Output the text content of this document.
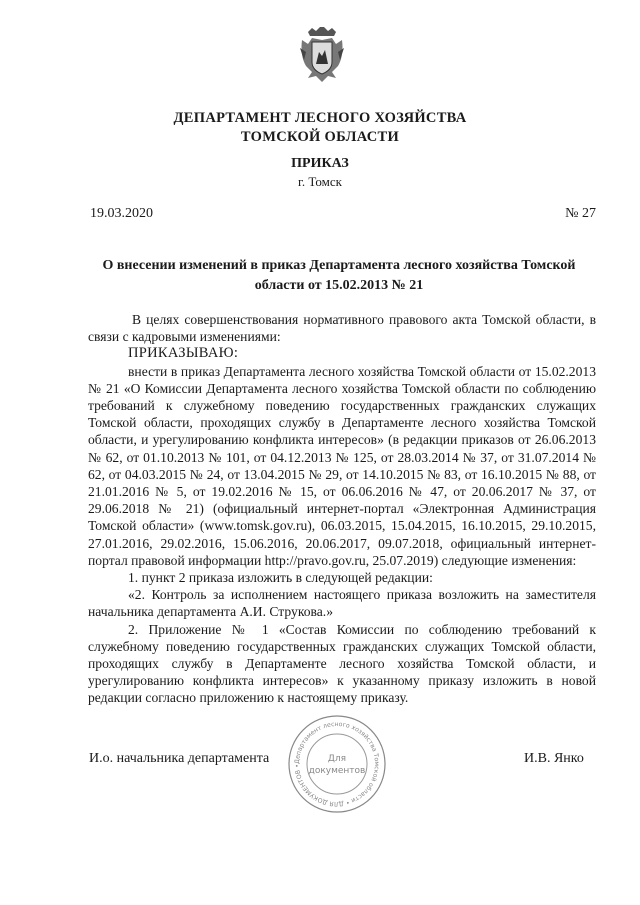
ДЕПАРТАМЕНТ ЛЕСНОГО ХОЗЯЙСТВА
ТОМСКОЙ ОБЛАСТИ
ПРИКАЗ
г. Томск
19.03.2020	№ 27
О внесении изменений в приказ Департамента лесного хозяйства Томской области от 15.02.2013 № 21

В целях совершенствования нормативного правового акта Томской области, в связи с кадровыми изменениями:

ПРИКАЗЫВАЮ:

внести в приказ Департамента лесного хозяйства Томской области от 15.02.2013 № 21 «О Комиссии Департамента лесного хозяйства Томской области по соблюдению требований к служебному поведению государственных гражданских служащих Томской области, проходящих службу в Департаменте лесного хозяйства Томской области, и урегулированию конфликта интересов» (в редакции приказов от 26.06.2013 № 62, от 01.10.2013 № 101, от 04.12.2013 № 125, от 28.03.2014 № 37, от 31.07.2014 № 62, от 04.03.2015 № 24, от 13.04.2015 № 29, от 14.10.2015 № 83, от 16.10.2015 № 88, от 21.01.2016 № 5, от 19.02.2016 № 15, от 06.06.2016 № 47, от 20.06.2017 № 37, от 29.06.2018 № 21) (официальный интернет-портал «Электронная Администрация Томской области» (www.tomsk.gov.ru), 06.03.2015, 15.04.2015, 16.10.2015, 29.10.2015, 27.01.2016, 29.02.2016, 15.06.2016, 20.06.2017, 09.07.2018, официальный интернет-портал правовой информации http://pravo.gov.ru, 25.07.2019) следующие изменения:

1. пункт 2 приказа изложить в следующей редакции:

«2. Контроль за исполнением настоящего приказа возложить на заместителя начальника департамента А.И. Струкова.»

2. Приложение № 1 «Состав Комиссии по соблюдению требований к служебному поведению государственных гражданских служащих Томской области, проходящих службу в Департаменте лесного хозяйства Томской области, и урегулированию конфликта интересов» к указанному приказу изложить в новой редакции согласно приложению к настоящему приказу.

И.о. начальника департамента	Департамент лесного хозяйства Томской области • ДЛЯ ДОКУМЕНТОВ •
Для
документов
И.В. Янко
